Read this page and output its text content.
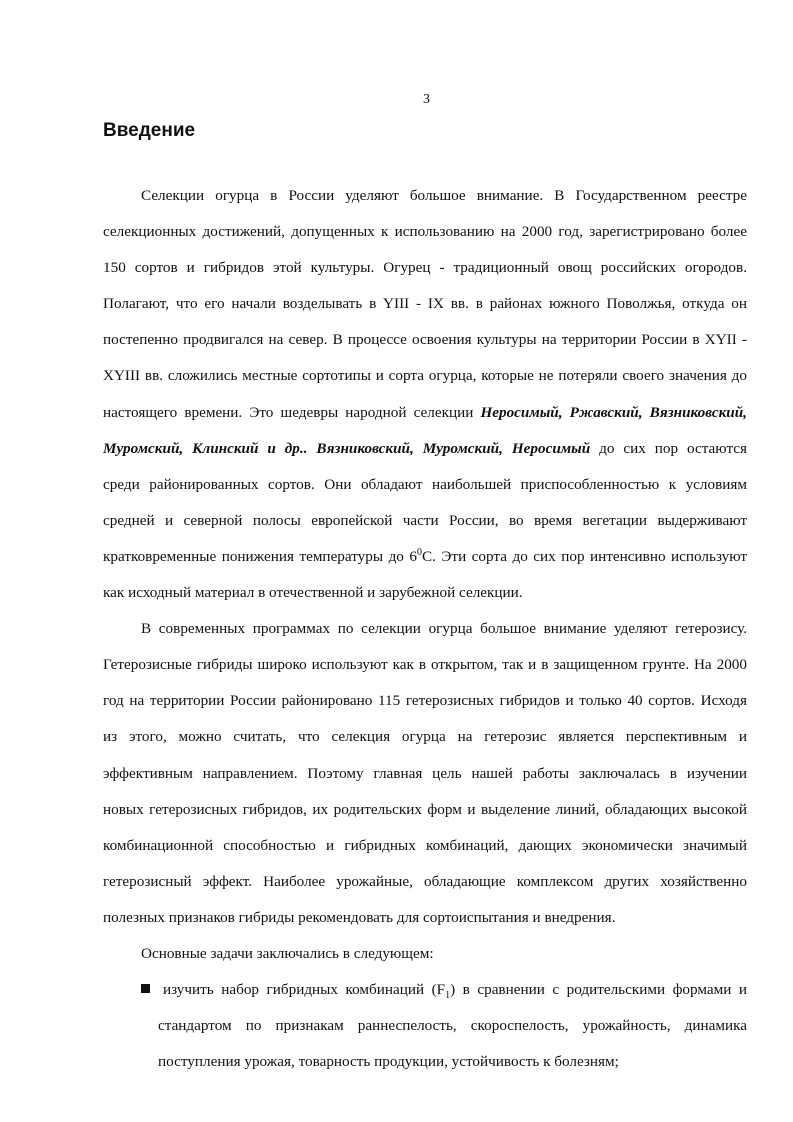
3
Введение
Селекции огурца в России уделяют большое внимание. В Государственном реестре
селекционных достижений, допущенных к использованию на 2000 год, зарегистрировано более
150 сортов и гибридов этой культуры. Огурец - традиционный овощ российских огородов.
Полагают, что его начали возделывать в YIII - IX вв. в районах южного Поволжья, откуда он
постепенно продвигался на север. В процессе освоения культуры на территории России в XYII -
XYIII вв. сложились местные сортотипы и сорта огурца, которые не потеряли своего значения до
настоящего времени. Это шедевры народной селекции Неросимый, Ржавский, Вязниковский,
Муромский, Клинский и др.. Вязниковский, Муромский, Неросимый до сих пор остаются
среди районированных сортов. Они обладают наибольшей приспособленностью к условиям
средней и северной полосы европейской части России, во время вегетации выдерживают
кратковременные понижения температуры до $6^0С$. Эти сорта до сих пор интенсивно используют
как исходный материал в отечественной и зарубежной селекции.
В современных программах по селекции огурца большое внимание уделяют гетерозису.
Гетерозисные гибриды широко используют как в открытом, так и в защищенном грунте. На 2000
год на территории России районировано 115 гетерозисных гибридов и только 40 сортов. Исходя
из этого, можно считать, что селекция огурца на гетерозис является перспективным и
эффективным направлением. Поэтому главная цель нашей работы заключалась в изучении
новых гетерозисных гибридов, их родительских форм и выделение линий, обладающих высокой
комбинационной способностью и гибридных комбинаций, дающих экономически значимый
гетерозисный эффект. Наиболее урожайные, обладающие комплексом других хозяйственно
полезных признаков гибриды рекомендовать для сортоиспытания и внедрения.
Основные задачи заключались в следующем:
изучить набор гибридных комбинаций $(F_1)$ в сравнении с родительскими формами и
стандартом по признакам раннеспелость, скороспелость, урожайность, динамика
поступления урожая, товарность продукции, устойчивость к болезням;
